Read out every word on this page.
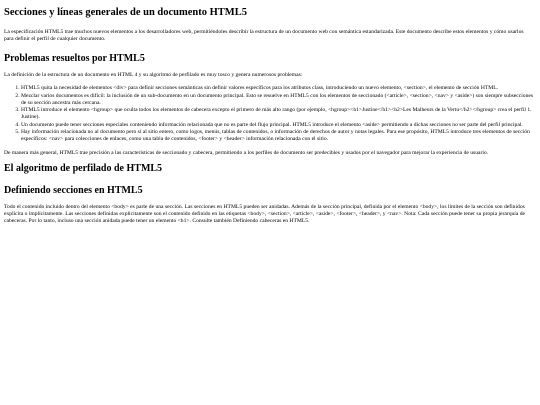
Secciones y líneas generales de un documento HTML5

La especificación HTML5 trae muchos nuevos elementos a los desarrolladores web, permitiéndoles describir la estructura de un documento web con semántica estandarizada. Este documento describe estos elementos y cómo usarlos para definir el perfil de cualquier documento.

Problemas resueltos por HTML5

La definición de la estructura de un documento en HTML 4 y su algoritmo de perfilado es muy tosco y genera numerosos problemas:

1. HTML5 quita la necesidad de elementos <div> para definir secciones semánticas sin definir valores específicos para los atributos class, introduciendo un nuevo elemento, <section>, el elemento de sección HTML.
2. Mezclar varios documentos es difícil: la inclusión de un sub-documento en un documento principal. Esto se resuelve en HTML5 con los elementos de seccionado (<article>, <section>, <nav> y <aside>) son siempre subsecciones de su sección ancestra más cercana.
3. HTML5 introduce el elemento <hgroup> que oculta todos los elementos de cabecera excepto el primero de más alto rango (por ejemplo, <hgroup><h1>Justine</h1><h2>Les Malheurs de la Vertu</h2></hgroup> crea el perfil 1. Justine).
4. Un documento puede tener secciones especiales conteniendo información relacionada que no es parte del flujo principal. HTML5 introduce el elemento <aside> permitiendo a dichas secciones no ser parte del perfil principal.
5. Hay información relacionada no al documento pero sí al sitio entero, como logos, menús, tablas de contenidos, o información de derechos de autor y notas legales. Para ese propósito, HTML5 introduce tres elementos de sección específicos: <nav> para colecciones de enlaces, como una tabla de contenidos, <footer> y <header> información relacionada con el sitio.

De manera más general, HTML5 trae precisión a las características de seccionado y cabecera, permitiendo a los perfiles de documento ser predecibles y usados por el navegador para mejorar la experiencia de usuario.

El algoritmo de perfilado de HTML5
Definiendo secciones en HTML5

Todo el contenido incluido dentro del elemento <body> es parte de una sección. Las secciones en HTML5 pueden ser anidadas. Además de la sección principal, definida por el elemento <body>, los límites de la sección son definidos explícita o implícitamente. Las secciones definidas explícitamente son el contenido definido en las etiquetas <body>, <section>, <article>, <aside>, <footer>, <header>, y <nav>. Nota: Cada sección puede tener su propia jerarquía de cabeceras. Por lo tanto, incluso una sección anidada puede tener un elemento <h1>. Consulte también Definiendo cabeceras en HTML5.
